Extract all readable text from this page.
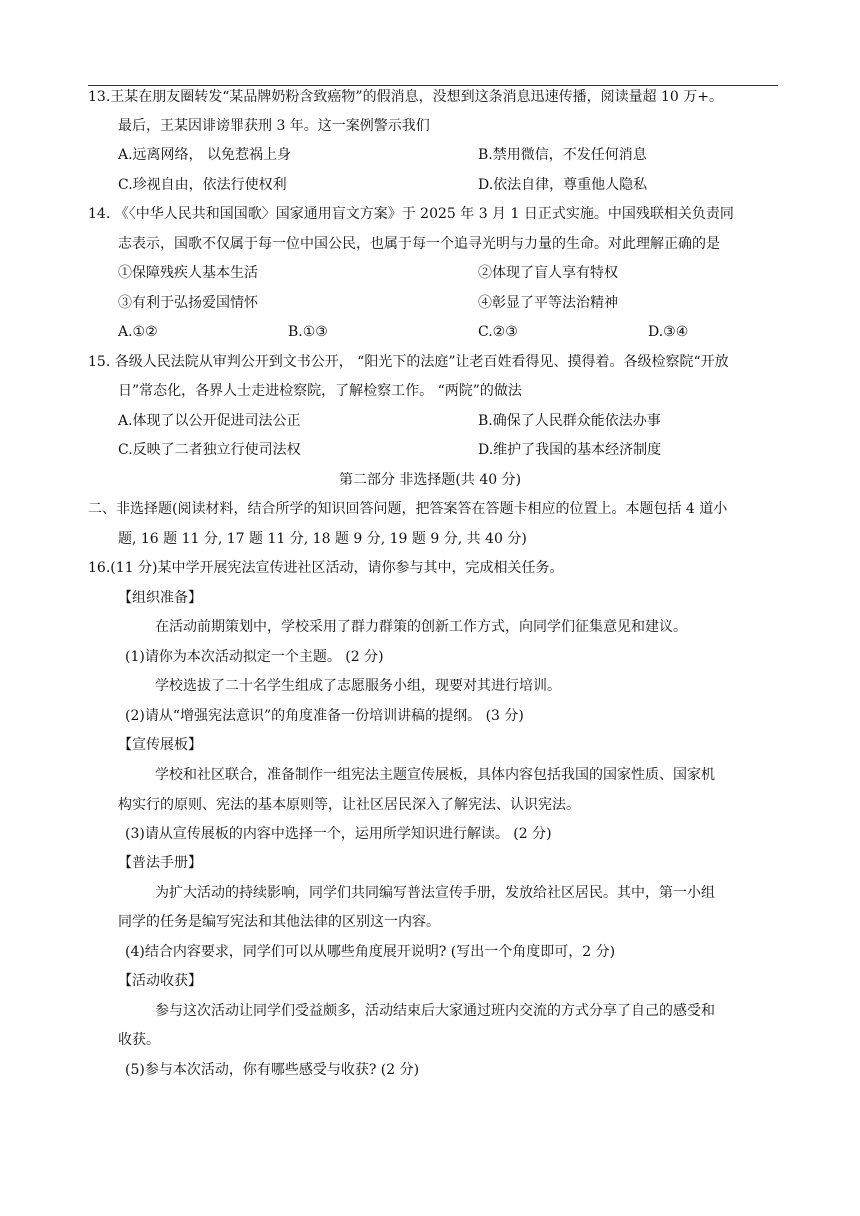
13.王某在朋友圈转发“某品牌奶粉含致癌物”的假消息，没想到这条消息迅速传播，阅读量超 10 万+。
最后，王某因诽谤罪获刑 3 年。这一案例警示我们
A.远离网络， 以免惹祸上身	B.禁用微信，不发任何消息
C.珍视自由，依法行使权利	D.依法自律，尊重他人隐私
14. 《〈中华人民共和国国歌〉国家通用盲文方案》于 2025 年 3 月 1 日正式实施。中国残联相关负责同
志表示，国歌不仅属于每一位中国公民，也属于每一个追寻光明与力量的生命。对此理解正确的是
①保障残疾人基本生活	②体现了盲人享有特权
③有利于弘扬爱国情怀	④彰显了平等法治精神
A.①②	B.①③	C.②③	D.③④
15. 各级人民法院从审判公开到文书公开， “阳光下的法庭”让老百姓看得见、摸得着。各级检察院“开放
日”常态化，各界人士走进检察院，了解检察工作。 “两院”的做法
A.体现了以公开促进司法公正	B.确保了人民群众能依法办事
C.反映了二者独立行使司法权	D.维护了我国的基本经济制度
第二部分 非选择题(共 40 分)
二、非选择题(阅读材料，结合所学的知识回答问题，把答案答在答题卡相应的位置上。本题包括 4 道小
题, 16 题 11 分, 17 题 11 分, 18 题 9 分, 19 题 9 分, 共 40 分)
16.(11 分)某中学开展宪法宣传进社区活动，请你参与其中，完成相关任务。
【组织准备】
在活动前期策划中，学校采用了群力群策的创新工作方式，向同学们征集意见和建议。
(1)请你为本次活动拟定一个主题。 (2 分)
学校选拔了二十名学生组成了志愿服务小组，现要对其进行培训。
(2)请从“增强宪法意识”的角度准备一份培训讲稿的提纲。 (3 分)
【宣传展板】
学校和社区联合，准备制作一组宪法主题宣传展板，具体内容包括我国的国家性质、国家机
构实行的原则、宪法的基本原则等，让社区居民深入了解宪法、认识宪法。
(3)请从宣传展板的内容中选择一个，运用所学知识进行解读。 (2 分)
【普法手册】
为扩大活动的持续影响，同学们共同编写普法宣传手册，发放给社区居民。其中，第一小组
同学的任务是编写宪法和其他法律的区别这一内容。
(4)结合内容要求，同学们可以从哪些角度展开说明? (写出一个角度即可，2 分)
【活动收获】
参与这次活动让同学们受益颇多，活动结束后大家通过班内交流的方式分享了自己的感受和
收获。
(5)参与本次活动，你有哪些感受与收获? (2 分)
